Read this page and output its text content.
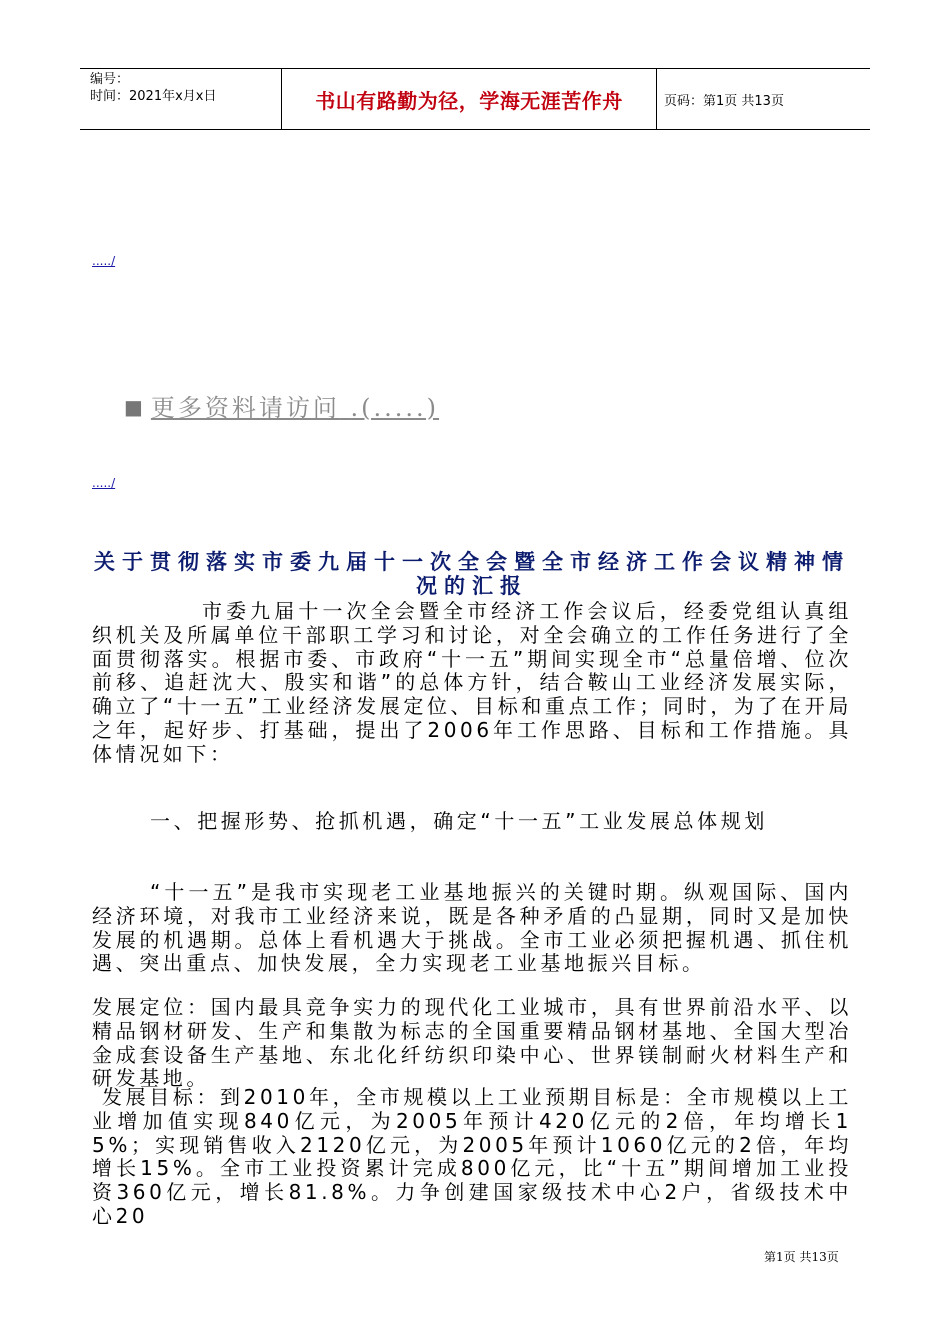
编号：
时间：2021年x月x日	书山有路勤为径，学海无涯苦作舟	页码：第1页 共13页
...../
■ 更多资料请访问 .(.....)
...../
关于贯彻落实市委九届十一次全会暨全市经济工作会议精神情况的汇报
市委九届十一次全会暨全市经济工作会议后，经委党组认真组织机关及所属单位干部职工学习和讨论，对全会确立的工作任务进行了全面贯彻落实。根据市委、市政府“十一五”期间实现全市“总量倍增、位次前移、追赶沈大、殷实和谐”的总体方针，结合鞍山工业经济发展实际，确立了“十一五”工业经济发展定位、目标和重点工作；同时，为了在开局之年，起好步、打基础，提出了2006年工作思路、目标和工作措施。具体情况如下：
一、把握形势、抢抓机遇，确定“十一五”工业发展总体规划
“十一五”是我市实现老工业基地振兴的关键时期。纵观国际、国内经济环境，对我市工业经济来说，既是各种矛盾的凸显期，同时又是加快发展的机遇期。总体上看机遇大于挑战。全市工业必须把握机遇、抓住机遇、突出重点、加快发展，全力实现老工业基地振兴目标。
发展定位：国内最具竞争实力的现代化工业城市，具有世界前沿水平、以精品钢材研发、生产和集散为标志的全国重要精品钢材基地、全国大型冶金成套设备生产基地、东北化纤纺织印染中心、世界镁制耐火材料生产和研发基地。
发展目标：到2010年，全市规模以上工业预期目标是：全市规模以上工业增加值实现840亿元，为2005年预计420亿元的2倍，年均增长15%；实现销售收入2120亿元，为2005年预计1060亿元的2倍，年均增长15%。全市工业投资累计完成800亿元，比“十五”期间增加工业投资360亿元，增长81.8%。力争创建国家级技术中心2户，省级技术中心20
第1页 共13页
